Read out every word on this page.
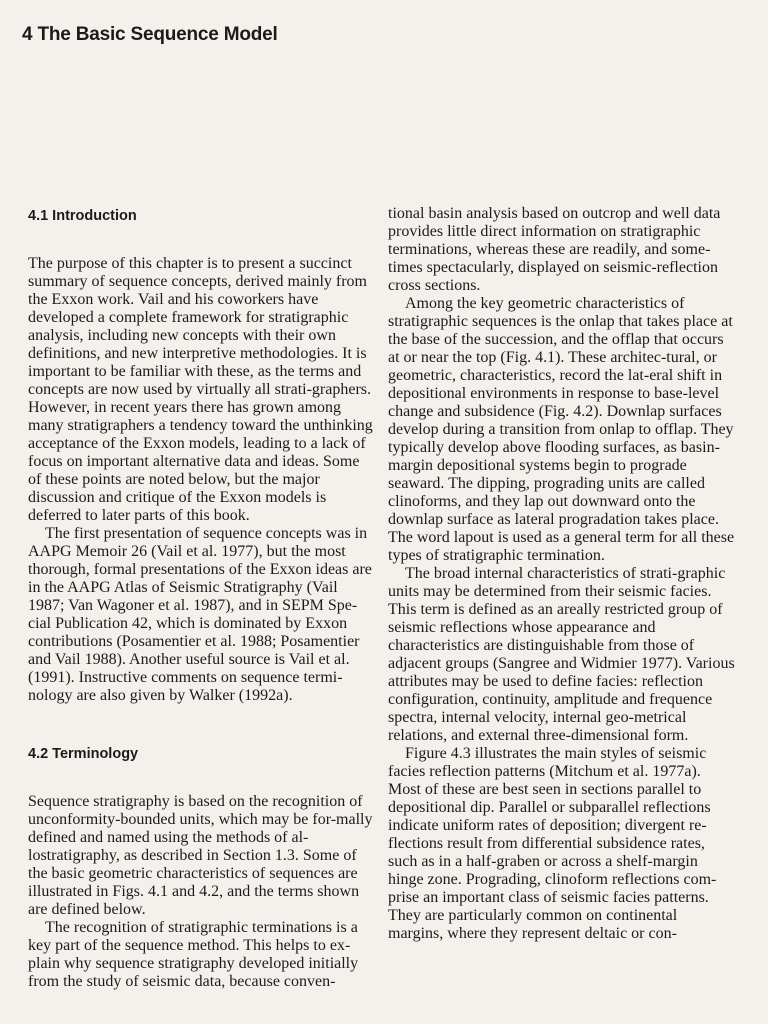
4 The Basic Sequence Model
4.1 Introduction

The purpose of this chapter is to present a succinct summary of sequence concepts, derived mainly from the Exxon work. Vail and his coworkers have developed a complete framework for stratigraphic analysis, including new concepts with their own definitions, and new interpretive methodologies. It is important to be familiar with these, as the terms and concepts are now used by virtually all strati-graphers. However, in recent years there has grown among many stratigraphers a tendency toward the unthinking acceptance of the Exxon models, leading to a lack of focus on important alternative data and ideas. Some of these points are noted below, but the major discussion and critique of the Exxon models is deferred to later parts of this book.

The first presentation of sequence concepts was in AAPG Memoir 26 (Vail et al. 1977), but the most thorough, formal presentations of the Exxon ideas are in the AAPG Atlas of Seismic Stratigraphy (Vail 1987; Van Wagoner et al. 1987), and in SEPM Spe-cial Publication 42, which is dominated by Exxon contributions (Posamentier et al. 1988; Posamentier and Vail 1988). Another useful source is Vail et al. (1991). Instructive comments on sequence termi-nology are also given by Walker (1992a).

4.2 Terminology

Sequence stratigraphy is based on the recognition of unconformity-bounded units, which may be for-mally defined and named using the methods of al-lostratigraphy, as described in Section 1.3. Some of the basic geometric characteristics of sequences are illustrated in Figs. 4.1 and 4.2, and the terms shown are defined below.

The recognition of stratigraphic terminations is a key part of the sequence method. This helps to ex-plain why sequence stratigraphy developed initially from the study of seismic data, because conven-

tional basin analysis based on outcrop and well data provides little direct information on stratigraphic terminations, whereas these are readily, and some-times spectacularly, displayed on seismic-reflection cross sections.

Among the key geometric characteristics of stratigraphic sequences is the onlap that takes place at the base of the succession, and the offlap that occurs at or near the top (Fig. 4.1). These architec-tural, or geometric, characteristics, record the lat-eral shift in depositional environments in response to base-level change and subsidence (Fig. 4.2). Downlap surfaces develop during a transition from onlap to offlap. They typically develop above flooding surfaces, as basin-margin depositional systems begin to prograde seaward. The dipping, prograding units are called clinoforms, and they lap out downward onto the downlap surface as lateral progradation takes place. The word lapout is used as a general term for all these types of stratigraphic termination.

The broad internal characteristics of strati-graphic units may be determined from their seismic facies. This term is defined as an areally restricted group of seismic reflections whose appearance and characteristics are distinguishable from those of adjacent groups (Sangree and Widmier 1977). Various attributes may be used to define facies: reflection configuration, continuity, amplitude and frequence spectra, internal velocity, internal geo-metrical relations, and external three-dimensional form.

Figure 4.3 illustrates the main styles of seismic facies reflection patterns (Mitchum et al. 1977a). Most of these are best seen in sections parallel to depositional dip. Parallel or subparallel reflections indicate uniform rates of deposition; divergent re-flections result from differential subsidence rates, such as in a half-graben or across a shelf-margin hinge zone. Prograding, clinoform reflections com-prise an important class of seismic facies patterns. They are particularly common on continental margins, where they represent deltaic or con-
